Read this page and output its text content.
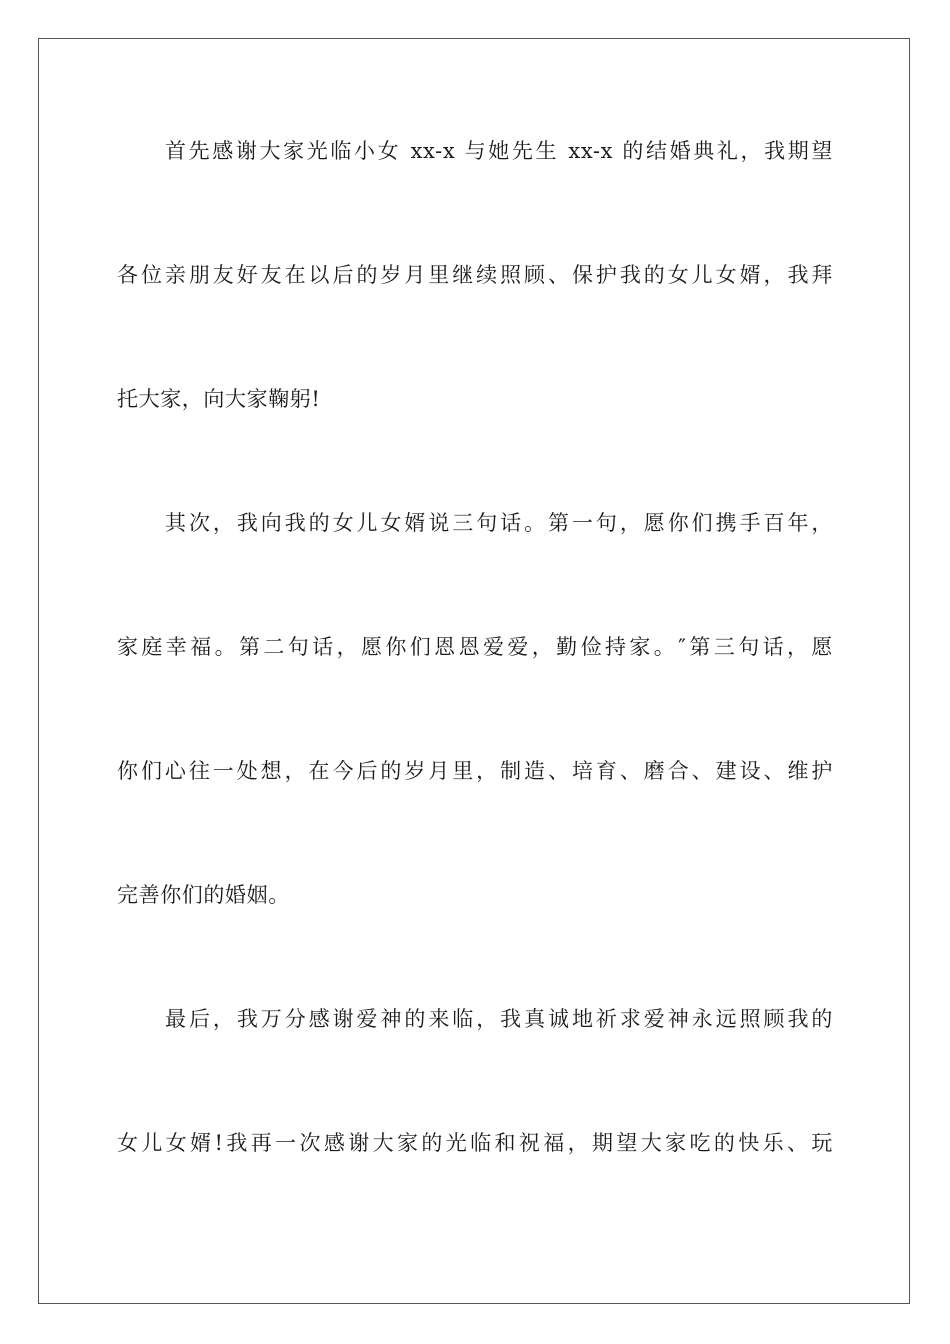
首先感谢大家光临小女 xx-x 与她先生 xx-x 的结婚典礼，我期望
各位亲朋友好友在以后的岁月里继续照顾、保护我的女儿女婿，我拜
托大家，向大家鞠躬!
其次，我向我的女儿女婿说三句话。第一句，愿你们携手百年，
家庭幸福。第二句话，愿你们恩恩爱爱，勤俭持家。″第三句话，愿
你们心往一处想，在今后的岁月里，制造、培育、磨合、建设、维护
完善你们的婚姻。
最后，我万分感谢爱神的来临，我真诚地祈求爱神永远照顾我的
女儿女婿!我再一次感谢大家的光临和祝福，期望大家吃的快乐、玩
